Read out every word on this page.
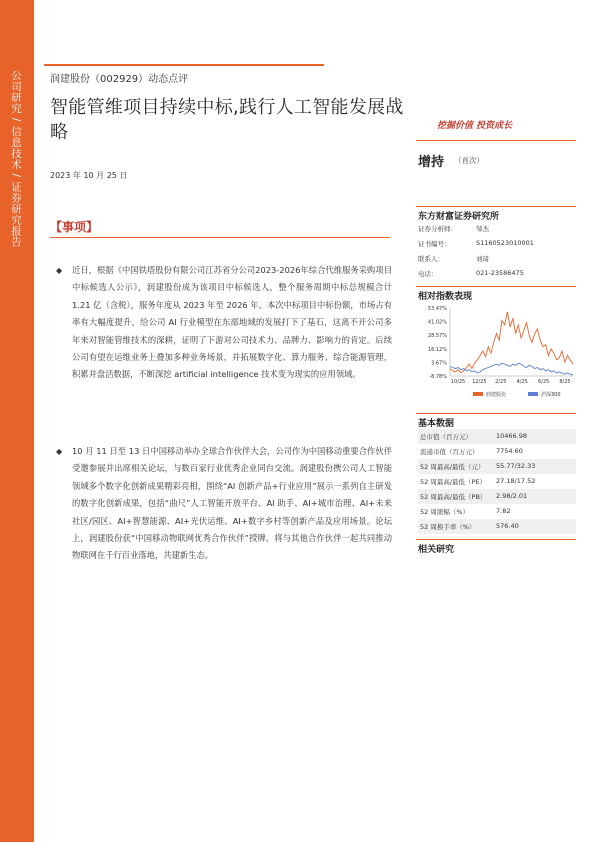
公司研究 / 信息技术 / 证券研究报告	润建股份（002929）动态点评
智能管维项目持续中标,践行人工智能发展战略
2023 年 10 月 25 日
挖掘价值 投资成长
增持 （首次）
东方财富证券研究所
证券分析师：	邹杰
证书编号：	S1160523010001
联系人：	刘琦
电话：	021-23586475
相对指数表现
53.47%
41.02%
28.57%
16.12%
3.67%
-8.78%
10/25 12/25 2/25 4/25 6/25 8/25
润建股份	沪深300
基本数据
总市值（百万元）	10466.98
流通市值（百万元）	7754.60
52 周最高/最低（元） 55.77/32.33
52 周最高/最低（PE） 27.18/17.52
52 周最高/最低（PB） 2.98/2.01
52 周涨幅（%）	7.82
52 周换手率（%）	576.40
相关研究
【事项】
◆ 近日，根据《中国铁塔股份有限公司江苏省分公司2023-2026年综合代维服务采购项目中标候选人公示》，润建股份成为该项目中标候选人，整个服务周期中标总规模合计 1.21 亿（含税），服务年度从 2023 年至 2026 年。本次中标项目中标份额，市场占有率有大幅度提升，给公司 AI 行业模型在东部地域的发展打下了基石，这离不开公司多年来对智能管维技术的深耕，证明了下游对公司技术力、品牌力、影响力的肯定。后续公司有望在运维业务上叠加多种业务场景，并拓展数字化、算力服务、综合能源管理，积累并盘活数据，不断深挖 artificial intelligence 技术变为现实的应用领域。
◆ 10 月 11 日至 13 日中国移动举办全球合作伙伴大会，公司作为中国移动重要合作伙伴受邀参展并出席相关论坛，与数百家行业优秀企业同台交流。润建股份携公司人工智能领域多个数字化创新成果精彩亮相，围绕“AI 创新产品+行业应用”展示一系列自主研发的数字化创新成果，包括“曲尺”人工智能开放平台、AI 助手、AI+城市治理、AI+未来社区/园区、AI+智慧能源、AI+光伏运维、AI+数字乡村等创新产品及应用场景。论坛上，润建股份获“中国移动物联网优秀合作伙伴”授牌，将与其他合作伙伴一起共同推动物联网在千行百业落地，共建新生态。
